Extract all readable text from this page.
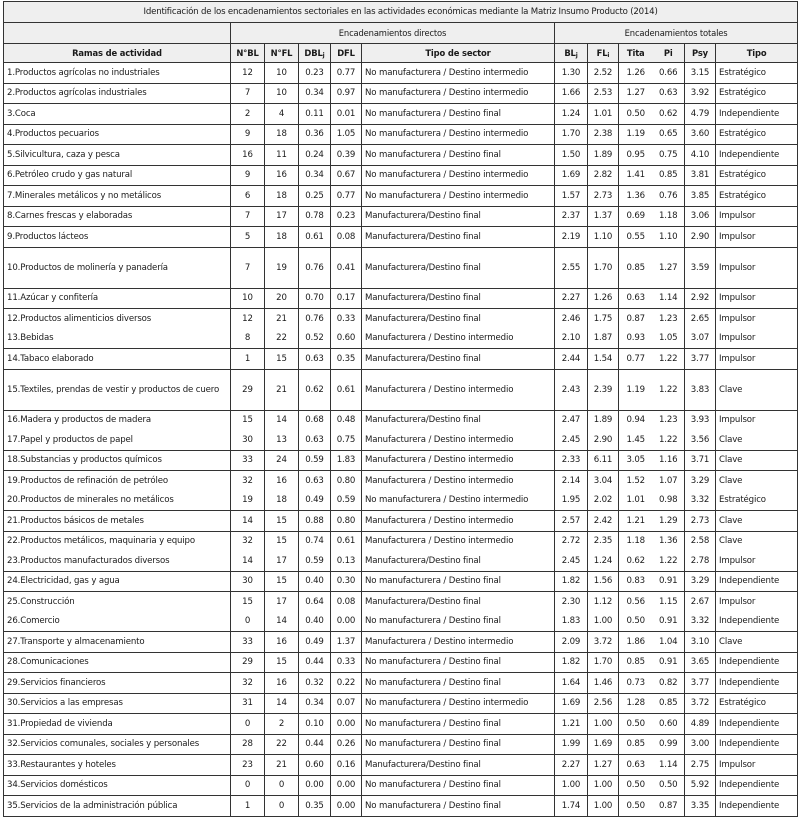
Identificación de los encadenamientos sectoriales en las actividades económicas mediante la Matriz Insumo Producto (2014)											
	Encadenamientos directos					Encadenamientos totales					
Ramas de actividad	N°BL	N°FL	$DBL_j$	DFL	Tipo de sector	$BL_j$	$FL_i$	Tita	Pi	Psy	Tipo
1.Productos agrícolas no industriales	12	10	0.23	0.77	No manufacturera / Destino intermedio	1.30	2.52	1.26	0.66	3.15	Estratégico
2.Productos agrícolas industriales	7	10	0.34	0.97	No manufacturera / Destino intermedio	1.66	2.53	1.27	0.63	3.92	Estratégico
3.Coca	2	4	0.11	0.01	No manufacturera / Destino final	1.24	1.01	0.50	0.62	4.79	Independiente
4.Productos pecuarios	9	18	0.36	1.05	No manufacturera / Destino intermedio	1.70	2.38	1.19	0.65	3.60	Estratégico
5.Silvicultura, caza y pesca	16	11	0.24	0.39	No manufacturera / Destino final	1.50	1.89	0.95	0.75	4.10	Independiente
6.Petróleo crudo y gas natural	9	16	0.34	0.67	No manufacturera / Destino intermedio	1.69	2.82	1.41	0.85	3.81	Estratégico
7.Minerales metálicos y no metálicos	6	18	0.25	0.77	No manufacturera / Destino intermedio	1.57	2.73	1.36	0.76	3.85	Estratégico
8.Carnes frescas y elaboradas	7	17	0.78	0.23	Manufacturera/Destino final	2.37	1.37	0.69	1.18	3.06	Impulsor
9.Productos lácteos	5	18	0.61	0.08	Manufacturera/Destino final	2.19	1.10	0.55	1.10	2.90	Impulsor
10.Productos de molinería y panadería	7	19	0.76	0.41	Manufacturera/Destino final	2.55	1.70	0.85	1.27	3.59	Impulsor
11.Azúcar y confitería	10	20	0.70	0.17	Manufacturera/Destino final	2.27	1.26	0.63	1.14	2.92	Impulsor
12.Productos alimenticios diversos	12	21	0.76	0.33	Manufacturera/Destino final	2.46	1.75	0.87	1.23	2.65	Impulsor
13.Bebidas	8	22	0.52	0.60	Manufacturera / Destino intermedio	2.10	1.87	0.93	1.05	3.07	Impulsor
14.Tabaco elaborado	1	15	0.63	0.35	Manufacturera/Destino final	2.44	1.54	0.77	1.22	3.77	Impulsor
15.Textiles, prendas de vestir y productos de cuero	29	21	0.62	0.61	Manufacturera / Destino intermedio	2.43	2.39	1.19	1.22	3.83	Clave
16.Madera y productos de madera	15	14	0.68	0.48	Manufacturera/Destino final	2.47	1.89	0.94	1.23	3.93	Impulsor
17.Papel y productos de papel	30	13	0.63	0.75	Manufacturera / Destino intermedio	2.45	2.90	1.45	1.22	3.56	Clave
18.Substancias y productos químicos	33	24	0.59	1.83	Manufacturera / Destino intermedio	2.33	6.11	3.05	1.16	3.71	Clave
19.Productos de refinación de petróleo	32	16	0.63	0.80	Manufacturera / Destino intermedio	2.14	3.04	1.52	1.07	3.29	Clave
20.Productos de minerales no metálicos	19	18	0.49	0.59	No manufacturera / Destino intermedio	1.95	2.02	1.01	0.98	3.32	Estratégico
21.Productos básicos de metales	14	15	0.88	0.80	Manufacturera / Destino intermedio	2.57	2.42	1.21	1.29	2.73	Clave
22.Productos metálicos, maquinaria y equipo	32	15	0.74	0.61	Manufacturera / Destino intermedio	2.72	2.35	1.18	1.36	2.58	Clave
23.Productos manufacturados diversos	14	17	0.59	0.13	Manufacturera/Destino final	2.45	1.24	0.62	1.22	2.78	Impulsor
24.Electricidad, gas y agua	30	15	0.40	0.30	No manufacturera / Destino final	1.82	1.56	0.83	0.91	3.29	Independiente
25.Construcción	15	17	0.64	0.08	Manufacturera/Destino final	2.30	1.12	0.56	1.15	2.67	Impulsor
26.Comercio	0	14	0.40	0.00	No manufacturera / Destino final	1.83	1.00	0.50	0.91	3.32	Independiente
27.Transporte y almacenamiento	33	16	0.49	1.37	Manufacturera / Destino intermedio	2.09	3.72	1.86	1.04	3.10	Clave
28.Comunicaciones	29	15	0.44	0.33	No manufacturera / Destino final	1.82	1.70	0.85	0.91	3.65	Independiente
29.Servicios financieros	32	16	0.32	0.22	No manufacturera / Destino final	1.64	1.46	0.73	0.82	3.77	Independiente
30.Servicios a las empresas	31	14	0.34	0.07	No manufacturera / Destino intermedio	1.69	2.56	1.28	0.85	3.72	Estratégico
31.Propiedad de vivienda	0	2	0.10	0.00	No manufacturera / Destino final	1.21	1.00	0.50	0.60	4.89	Independiente
32.Servicios comunales, sociales y personales	28	22	0.44	0.26	No manufacturera / Destino final	1.99	1.69	0.85	0.99	3.00	Independiente
33.Restaurantes y hoteles	23	21	0.60	0.16	Manufacturera/Destino final	2.27	1.27	0.63	1.14	2.75	Impulsor
34.Servicios domésticos	0	0	0.00	0.00	No manufacturera / Destino final	1.00	1.00	0.50	0.50	5.92	Independiente
35.Servicios de la administración pública	1	0	0.35	0.00	No manufacturera / Destino final	1.74	1.00	0.50	0.87	3.35	Independiente
